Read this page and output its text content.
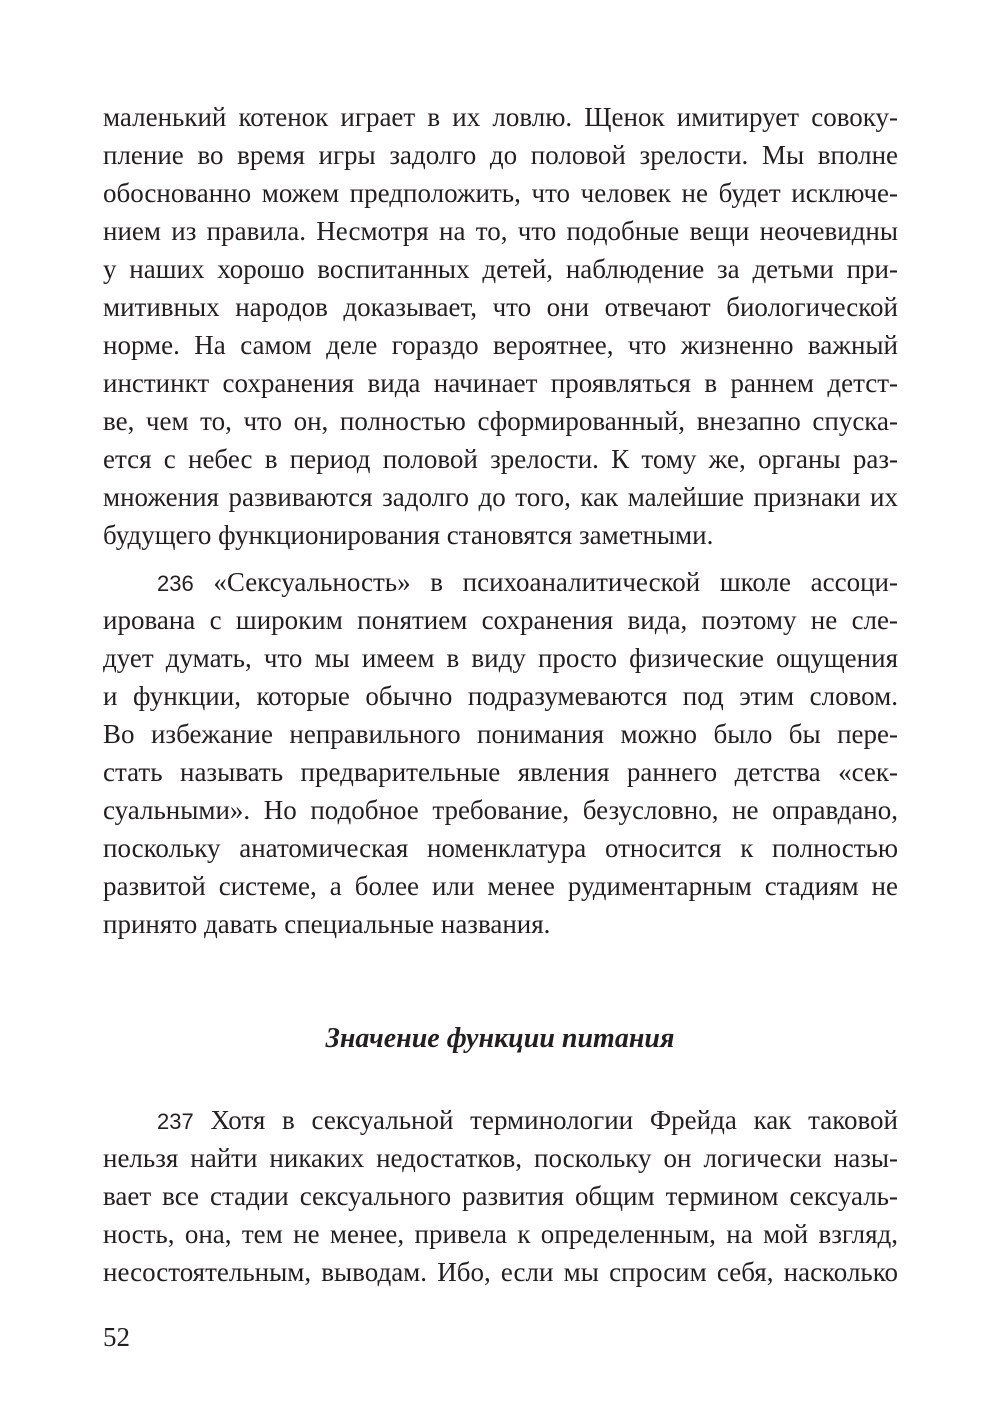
маленький котенок играет в их ловлю. Щенок имитирует совоку-
пление во время игры задолго до половой зрелости. Мы вполне
обоснованно можем предположить, что человек не будет исключе-
нием из правила. Несмотря на то, что подобные вещи неочевидны
у наших хорошо воспитанных детей, наблюдение за детьми при-
митивных народов доказывает, что они отвечают биологической
норме. На самом деле гораздо вероятнее, что жизненно важный
инстинкт сохранения вида начинает проявляться в раннем детст-
ве, чем то, что он, полностью сформированный, внезапно спуска-
ется с небес в период половой зрелости. К тому же, органы раз-
множения развиваются задолго до того, как малейшие признаки их
будущего функционирования становятся заметными.
236 «Сексуальность» в психоаналитической школе ассоци-
ирована с широким понятием сохранения вида, поэтому не сле-
дует думать, что мы имеем в виду просто физические ощущения
и функции, которые обычно подразумеваются под этим словом.
Во избежание неправильного понимания можно было бы пере-
стать называть предварительные явления раннего детства «сек-
суальными». Но подобное требование, безусловно, не оправдано,
поскольку анатомическая номенклатура относится к полностью
развитой системе, а более или менее рудиментарным стадиям не
принято давать специальные названия.
Значение функции питания
237 Хотя в сексуальной терминологии Фрейда как таковой
нельзя найти никаких недостатков, поскольку он логически назы-
вает все стадии сексуального развития общим термином сексуаль-
ность, она, тем не менее, привела к определенным, на мой взгляд,
несостоятельным, выводам. Ибо, если мы спросим себя, насколько
52
